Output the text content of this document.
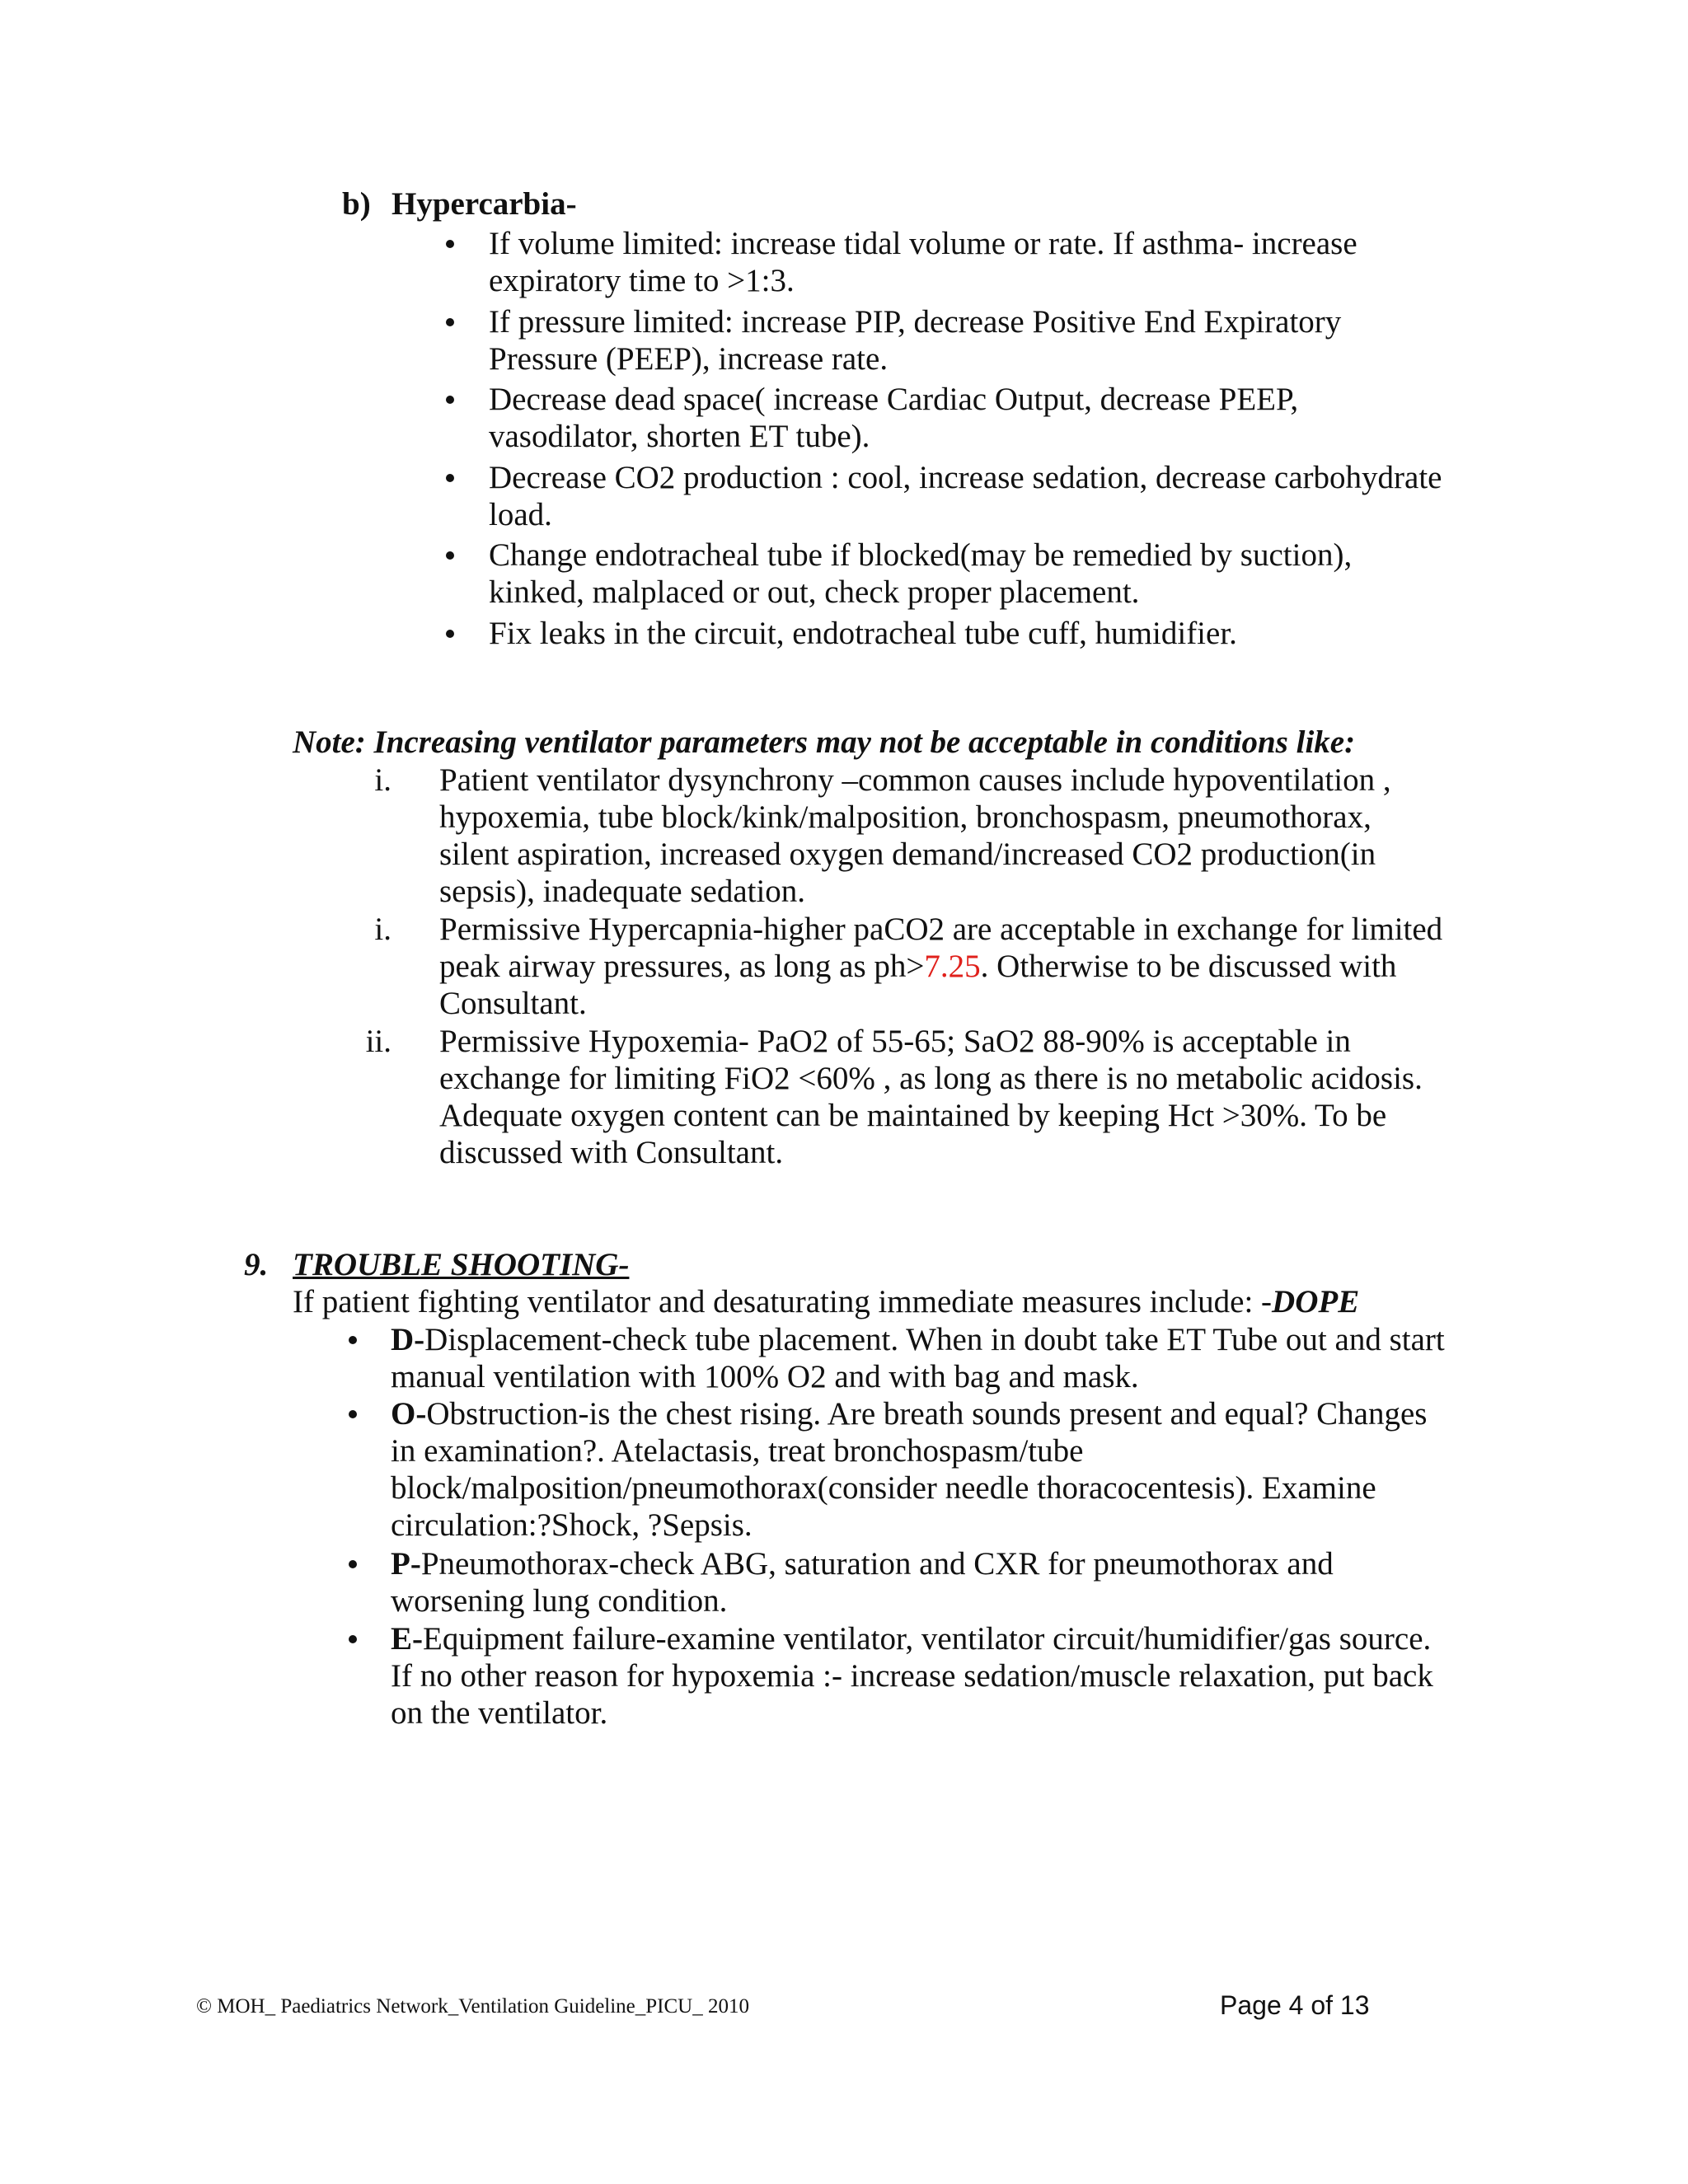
b) Hypercarbia-
If volume limited: increase tidal volume or rate. If asthma- increase
expiratory time to >1:3.
If pressure limited: increase PIP, decrease Positive End Expiratory
Pressure (PEEP), increase rate.
Decrease dead space( increase Cardiac Output, decrease PEEP,
vasodilator, shorten ET tube).
Decrease CO2 production : cool, increase sedation, decrease carbohydrate
load.
Change endotracheal tube if blocked(may be remedied by suction),
kinked, malplaced or out, check proper placement.
Fix leaks in the circuit, endotracheal tube cuff, humidifier.
Note: Increasing ventilator parameters may not be acceptable in conditions like:
i. Patient ventilator dysynchrony –common causes include hypoventilation ,
hypoxemia, tube block/kink/malposition, bronchospasm, pneumothorax,
silent aspiration, increased oxygen demand/increased CO2 production(in
sepsis), inadequate sedation.
i. Permissive Hypercapnia-higher paCO2 are acceptable in exchange for limited
peak airway pressures, as long as ph>7.25. Otherwise to be discussed with
Consultant.
ii. Permissive Hypoxemia- PaO2 of 55-65; SaO2 88-90% is acceptable in
exchange for limiting FiO2 <60% , as long as there is no metabolic acidosis.
Adequate oxygen content can be maintained by keeping Hct >30%. To be
discussed with Consultant.
9. TROUBLE SHOOTING-
If patient fighting ventilator and desaturating immediate measures include: -DOPE
D-Displacement-check tube placement. When in doubt take ET Tube out and start
manual ventilation with 100% O2 and with bag and mask.
O-Obstruction-is the chest rising. Are breath sounds present and equal? Changes
in examination?. Atelactasis, treat bronchospasm/tube
block/malposition/pneumothorax(consider needle thoracocentesis). Examine
circulation:?Shock, ?Sepsis.
P-Pneumothorax-check ABG, saturation and CXR for pneumothorax and
worsening lung condition.
E-Equipment failure-examine ventilator, ventilator circuit/humidifier/gas source.
If no other reason for hypoxemia :- increase sedation/muscle relaxation, put back
on the ventilator.
© MOH_ Paediatrics Network_Ventilation Guideline_PICU_ 2010	Page 4 of 13
